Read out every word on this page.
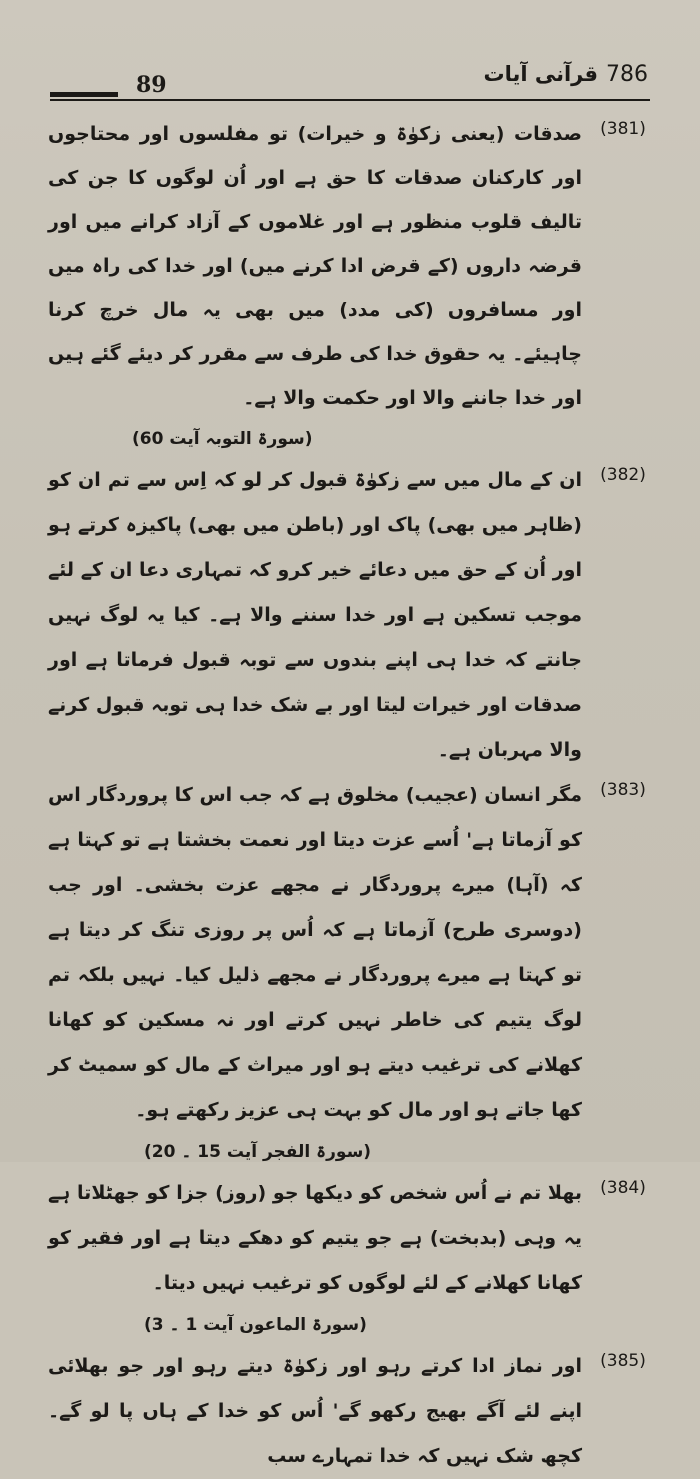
89	قرآنی آیات 786
(381)
صدقات (یعنی زکوٰۃ و خیرات) تو مفلسوں اور محتاجوں اور کارکنان صدقات کا حق ہے اور اُن لوگوں کا جن کی تالیف قلوب منظور ہے اور غلاموں کے آزاد کرانے میں اور قرضہ داروں (کے قرض ادا کرنے میں) اور خدا کی راہ میں اور مسافروں (کی مدد) میں بھی یہ مال خرچ کرنا چاہیئے۔ یہ حقوق خدا کی طرف سے مقرر کر دیئے گئے ہیں اور خدا جاننے والا اور حکمت والا ہے۔
(سورۃ التوبہ آیت 60)
(382)
ان کے مال میں سے زکوٰۃ قبول کر لو کہ اِس سے تم ان کو (ظاہر میں بھی) پاک اور (باطن میں بھی) پاکیزہ کرتے ہو اور اُن کے حق میں دعائے خیر کرو کہ تمہاری دعا ان کے لئے موجب تسکین ہے اور خدا سننے والا ہے۔ کیا یہ لوگ نہیں جانتے کہ خدا ہی اپنے بندوں سے توبہ قبول فرماتا ہے اور صدقات اور خیرات لیتا اور بے شک خدا ہی توبہ قبول کرنے والا مہربان ہے۔
(383)
مگر انسان (عجیب) مخلوق ہے کہ جب اس کا پروردگار اس کو آزماتا ہے' اُسے عزت دیتا اور نعمت بخشتا ہے تو کہتا ہے کہ (آہا) میرے پروردگار نے مجھے عزت بخشی۔ اور جب (دوسری طرح) آزماتا ہے کہ اُس پر روزی تنگ کر دیتا ہے تو کہتا ہے میرے پروردگار نے مجھے ذلیل کیا۔ نہیں بلکہ تم لوگ یتیم کی خاطر نہیں کرتے اور نہ مسکین کو کھانا کھلانے کی ترغیب دیتے ہو اور میراث کے مال کو سمیٹ کر کھا جاتے ہو اور مال کو بہت ہی عزیز رکھتے ہو۔
(سورۃ الفجر آیت 15 ۔ 20)
(384)
بھلا تم نے اُس شخص کو دیکھا جو (روز) جزا کو جھٹلاتا ہے یہ وہی (بدبخت) ہے جو یتیم کو دھکے دیتا ہے اور فقیر کو کھانا کھلانے کے لئے لوگوں کو ترغیب نہیں دیتا۔
(سورۃ الماعون آیت 1 ۔ 3)
(385)
اور نماز ادا کرتے رہو اور زکوٰۃ دیتے رہو اور جو بھلائی اپنے لئے آگے بھیج رکھو گے' اُس کو خدا کے ہاں پا لو گے۔ کچھ شک نہیں کہ خدا تمہارے سب
